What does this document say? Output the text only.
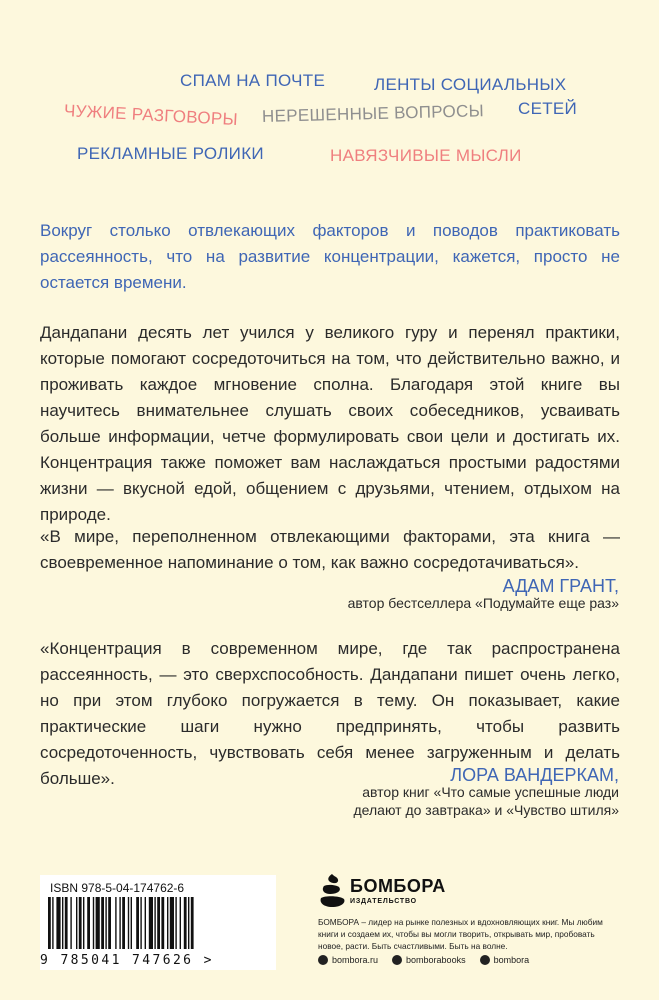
СПАМ НА ПОЧТЕ	ЛЕНТЫ СОЦИАЛЬНЫХ
СЕТЕЙ
ЧУЖИЕ РАЗГОВОРЫ НЕРЕШЕННЫЕ ВОПРОСЫ
РЕКЛАМНЫЕ РОЛИКИ	НАВЯЗЧИВЫЕ МЫСЛИ
Вокруг столько отвлекающих факторов и поводов практиковать рассеянность, что на развитие концентрации, кажется, просто не остается времени.
Дандапани десять лет учился у великого гуру и перенял практики, которые помогают сосредоточиться на том, что действительно важно, и проживать каждое мгновение сполна. Благодаря этой книге вы научитесь внимательнее слушать своих собеседников, усваивать больше информации, четче формулировать свои цели и достигать их. Концентрация также поможет вам наслаждаться простыми радостями жизни — вкусной едой, общением с друзьями, чтением, отдыхом на природе.
«В мире, переполненном отвлекающими факторами, эта книга — своевременное напоминание о том, как важно сосредотачиваться».
АДАМ ГРАНТ,
автор бестселлера «Подумайте еще раз»
«Концентрация в современном мире, где так распространена рассеянность, — это сверхспособность. Дандапани пишет очень легко, но при этом глубоко погружается в тему. Он показывает, какие практические шаги нужно предпринять, чтобы развить сосредоточенность, чувствовать себя менее загруженным и делать больше».	ЛОРА ВАНДЕРКАМ,
автор книг «Что самые успешные люди
делают до завтрака» и «Чувство штиля»
ISBN 978-5-04-174762-6
9 785041 747626 >
БОМБОРА
ИЗДАТЕЛЬСТВО
БОМБОРА – лидер на рынке полезных и вдохновляющих книг. Мы любим книги и создаем их, чтобы вы могли творить, открывать мир, пробовать новое, расти. Быть счастливыми. Быть на волне.
bombora.ru	bomborabooks	bombora
